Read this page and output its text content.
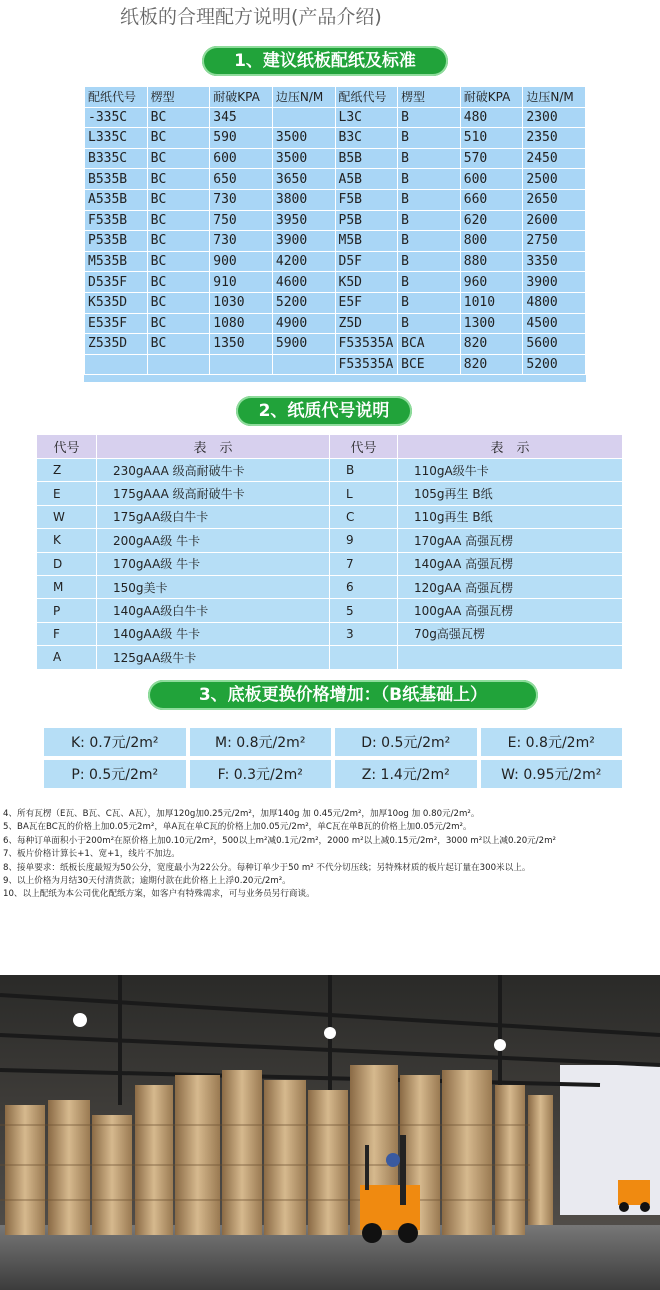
纸板的合理配方说明(产品介绍)
1、建议纸板配纸及标准
配纸代号	楞型	耐破KPA	边压N/M	配纸代号	楞型	耐破KPA	边压N/M
-335C	BC	345		L3C	B	480	2300
L335C	BC	590	3500	B3C	B	510	2350
B335C	BC	600	3500	B5B	B	570	2450
B535B	BC	650	3650	A5B	B	600	2500
A535B	BC	730	3800	F5B	B	660	2650
F535B	BC	750	3950	P5B	B	620	2600
P535B	BC	730	3900	M5B	B	800	2750
M535B	BC	900	4200	D5F	B	880	3350
D535F	BC	910	4600	K5D	B	960	3900
K535D	BC	1030	5200	E5F	B	1010	4800
E535F	BC	1080	4900	Z5D	B	1300	4500
Z535D	BC	1350	5900	F53535A	BCA	820	5600
				F53535A	BCE	820	5200
2、纸质代号说明
代号	表　示	代号	表　示
Z	230gAAA 级高耐破牛卡	B	110gA级牛卡
E	175gAAA 级高耐破牛卡	L	105g再生 B纸
W	175gAA级白牛卡	C	110g再生 B纸
K	200gAA级 牛卡	9	170gAA 高强瓦楞
D	170gAA级 牛卡	7	140gAA 高强瓦楞
M	150g美卡	6	120gAA 高强瓦楞
P	140gAA级白牛卡	5	100gAA 高强瓦楞
F	140gAA级 牛卡	3	70g高强瓦楞
A	125gAA级牛卡		
3、底板更换价格增加：（B纸基础上）
K: 0.7元/2m²	M: 0.8元/2m²	D: 0.5元/2m²	E: 0.8元/2m²
P: 0.5元/2m²	F: 0.3元/2m²	Z: 1.4元/2m²	W: 0.95元/2m²
4、所有瓦楞（E瓦、B瓦、C瓦、A瓦），加厚120g加0.25元/2m²，加厚140g 加 0.45元/2m²，加厚10og 加 0.80元/2m²。
5、BA瓦在BC瓦的价格上加0.05元2m²，单A瓦在单C瓦的价格上加0.05元/2m²，单C瓦在单B瓦的价格上加0.05元/2m²。
6、每种订单面积小于200m²在原价格上加0.10元/2m²，500以上m²减0.1元/2m²，2000 m²以上减0.15元/2m²，3000 m²以上减0.20元/2m²
7、板片价格计算长+1、宽+1，线片不加边。
8、接单要求：纸板长度最短为50公分，宽度最小为22公分。每种订单少于50 m² 不代分切压线；另特殊材质的板片起订量在300米以上。
9、以上价格为月结30天付清货款；逾期付款在此价格上上浮0.20元/2m²。
10、以上配纸为本公司优化配纸方案，如客户有特殊需求，可与业务员另行商谈。
